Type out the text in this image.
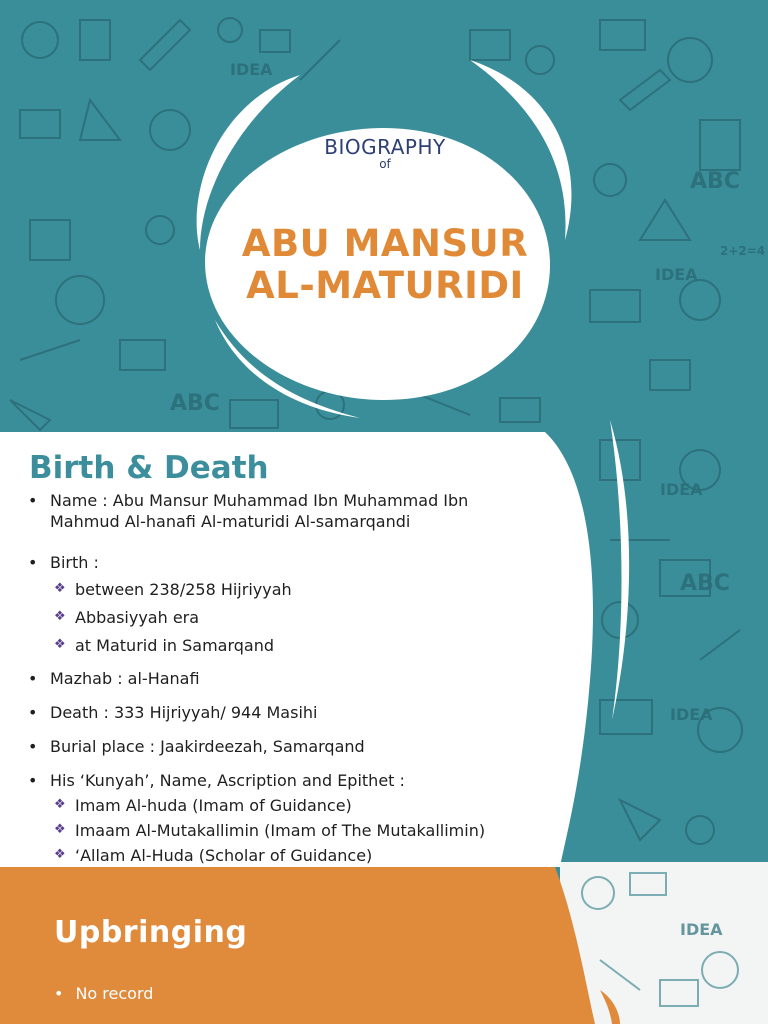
IDEA
IDEA
IDEA
IDEA
ABC
ABC
ABC
2+2=4
IDEA
BIOGRAPHY
of
ABU MANSUR
AL-MATURIDI
Birth & Death
• Name : Abu Mansur Muhammad Ibn Muhammad Ibn
Mahmud Al-hanafi Al-maturidi Al-samarqandi
• Birth :
❖ between 238/258 Hijriyyah
❖ Abbasiyyah era
❖ at Maturid in Samarqand
• Mazhab : al-Hanafi
• Death : 333 Hijriyyah/ 944 Masihi
• Burial place : Jaakirdeezah, Samarqand
• His ‘Kunyah’, Name, Ascription and Epithet :
❖ Imam Al-huda (Imam of Guidance)
❖ Imaam Al-Mutakallimin (Imam of The Mutakallimin)
❖ ‘Allam Al-Huda (Scholar of Guidance)
Upbringing
• No record
